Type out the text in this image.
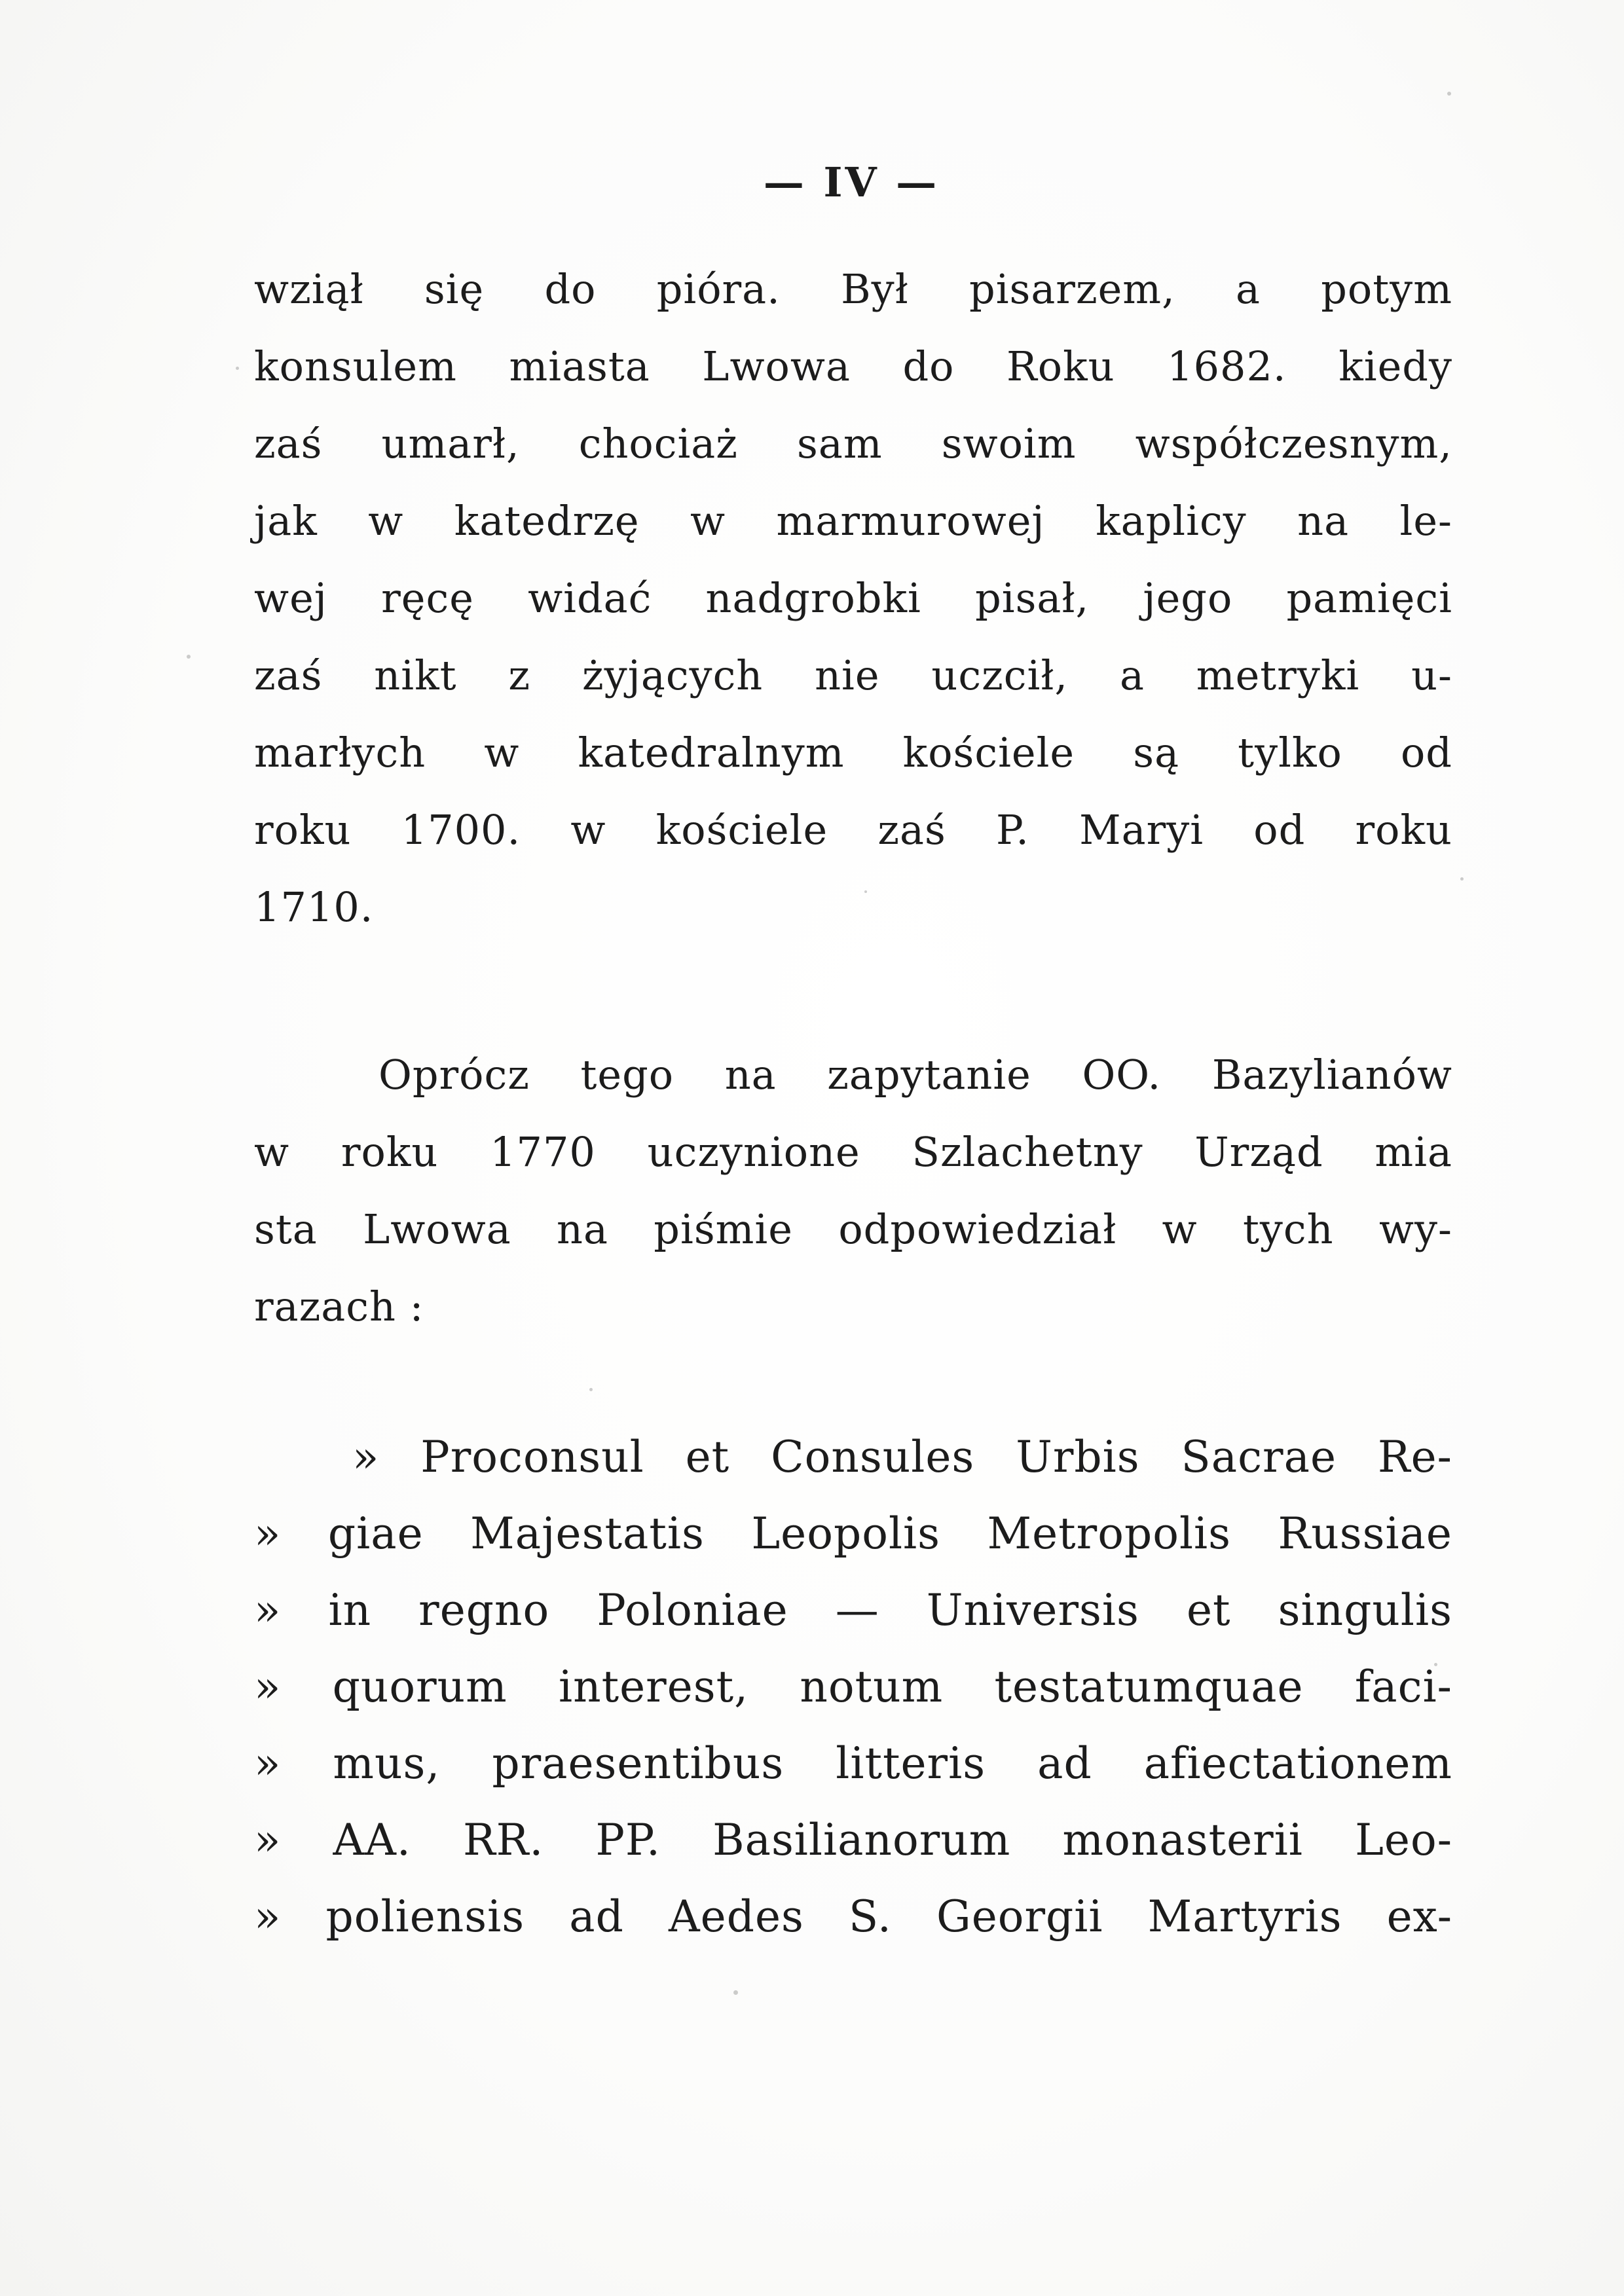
— IV —
wziął się do pióra. Był pisarzem, a potym
konsulem miasta Lwowa do Roku 1682. kiedy
zaś umarł, chociaż sam swoim współczesnym,
jak w katedrzę w marmurowej kaplicy na le-
wej ręcę widać nadgrobki pisał, jego pamięci
zaś nikt z żyjących nie uczcił, a metryki u-
marłych w katedralnym kościele są tylko od
roku 1700. w kościele zaś P. Maryi od roku
1710.
Oprócz tego na zapytanie OO. Bazylianów
w roku 1770 uczynione Szlachetny Urząd mia
sta Lwowa na piśmie odpowiedział w tych wy-
razach :
» Proconsul et Consules Urbis Sacrae Re-
» giae Majestatis Leopolis Metropolis Russiae
» in regno Poloniae — Universis et singulis
» quorum interest, notum testatumquae faci-
» mus, praesentibus litteris ad afiectationem
» AA. RR. PP. Basilianorum monasterii Leo-
» poliensis ad Aedes S. Georgii Martyris ex-
